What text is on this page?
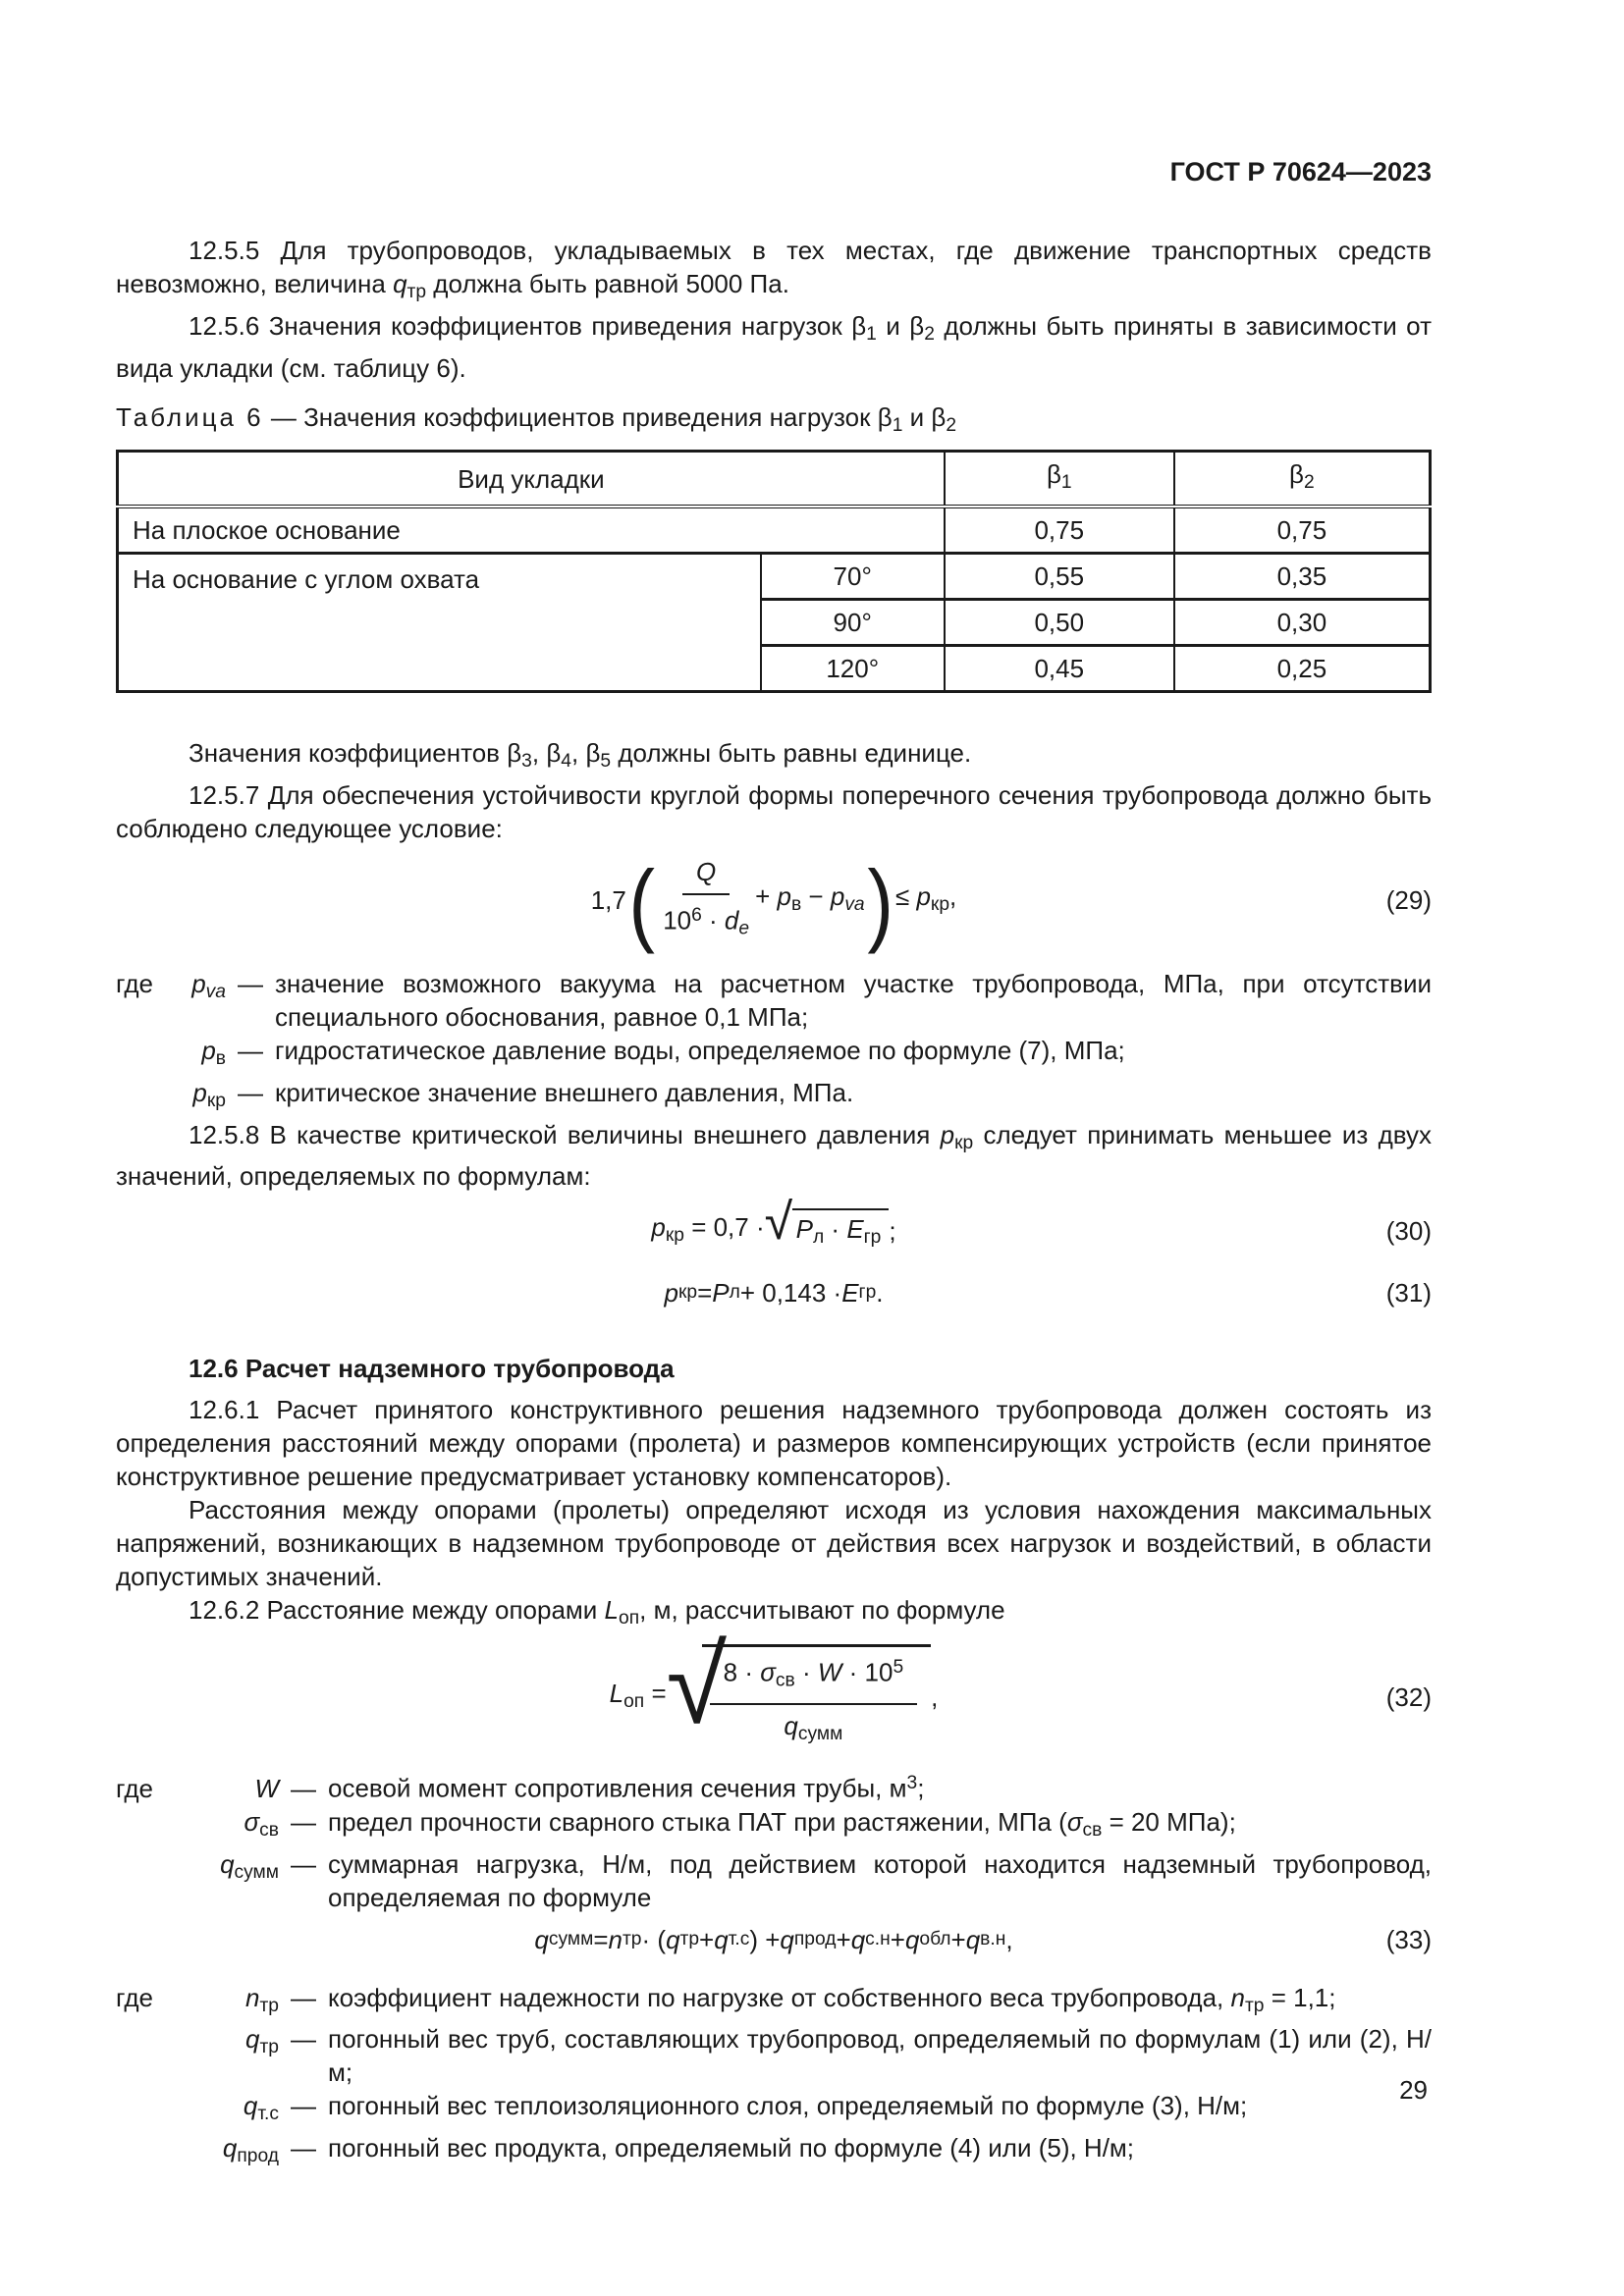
ГОСТ Р 70624—2023

12.5.5 Для трубопроводов, укладываемых в тех местах, где движение транспортных средств невозможно, величина qтр должна быть равной 5000 Па.

12.5.6 Значения коэффициентов приведения нагрузок β1 и β2 должны быть приняты в зависимости от вида укладки (см. таблицу 6).

Таблица 6 — Значения коэффициентов приведения нагрузок β1 и β2
Вид укладки		β1	β2
На плоское основание		0,75	0,75
На основание с углом охвата	70°	0,55	0,35
	90°	0,50	0,30
	120°	0,45	0,25

Значения коэффициентов β3, β4, β5 должны быть равны единице.

12.5.7 Для обеспечения устойчивости круглой формы поперечного сечения трубопровода должно быть соблюдено следующее условие:

1,7 ( $\frac{Q}{10^6 \cdot de}$ + pв − pva ) ≤ pкр,	(29)
где	pva — значение возможного вакуума на расчетном участке трубопровода, МПа, при отсутствии специального обоснования, равное 0,1 МПа;
pв — гидростатическое давление воды, определяемое по формуле (7), МПа;
pкр — критическое значение внешнего давления, МПа.

12.5.8 В качестве критической величины внешнего давления pкр следует принимать меньшее из двух значений, определяемых по формулам:

pкр = 0,7 · √ Pл · Eгр ;	(30)
p кр = P л + 0,143 · E гр .	(31)
12.6 Расчет надземного трубопровода

12.6.1 Расчет принятого конструктивного решения надземного трубопровода должен состоять из определения расстояний между опорами (пролета) и размеров компенсирующих устройств (если принятое конструктивное решение предусматривает установку компенсаторов).

Расстояния между опорами (пролеты) определяют исходя из условия нахождения максимальных напряжений, возникающих в надземном трубопроводе от действия всех нагрузок и воздействий, в области допустимых значений.

12.6.2 Расстояние между опорами Lоп, м, рассчитывают по формуле

Lоп = √
$\frac{8 \cdot \sigma св \cdot W \cdot 10^5}{\text{qсумм}}$ ,	(32)
где	W — осевой момент сопротивления сечения трубы, $м^3$;
σсв — предел прочности сварного стыка ПАТ при растяжении, МПа (σсв = 20 МПа);
qсумм — суммарная нагрузка, Н/м, под действием которой находится надземный трубопровод, определяемая по формуле
q сумм = n тр · ( q тр + q т.с ) + q прод + q с.н + q обл + q в.н ,	(33)
где	nтр — коэффициент надежности по нагрузке от собственного веса трубопровода, nтр = 1,1;
qтр — погонный вес труб, составляющих трубопровод, определяемый по формулам (1) или (2), Н/м;
qт.с — погонный вес теплоизоляционного слоя, определяемый по формуле (3), Н/м;
qпрод — погонный вес продукта, определяемый по формуле (4) или (5), Н/м;
29
